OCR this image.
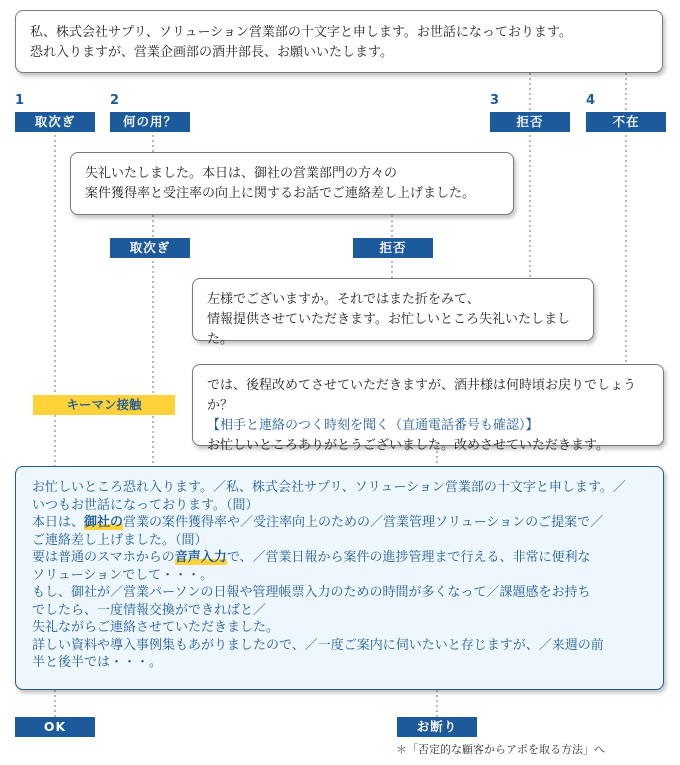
私、株式会社サプリ、ソリューション営業部の十文字と申します。お世話になっております。

恐れ入りますが、営業企画部の酒井部長、お願いいたします。

1	2	3	4
取次ぎ	何の用？	拒否	不在

失礼いたしました。本日は、御社の営業部門の方々の

案件獲得率と受注率の向上に関するお話でご連絡差し上げました。

取次ぎ	拒否

左様でございますか。それではまた折をみて、

情報提供させていただきます。お忙しいところ失礼いたしました。

では、後程改めてさせていただきますが、酒井様は何時頃お戻りでしょうか？

【相手と連絡のつく時刻を聞く（直通電話番号も確認）】

お忙しいところありがとうございました。改めさせていただきます。

キーマン接触

お忙しいところ恐れ入ります。／私、株式会社サプリ、ソリューション営業部の十文字と申します。／

いつもお世話になっております。（間）

本日は、御社の営業の案件獲得率や／受注率向上のための／営業管理ソリューションのご提案で／

ご連絡差し上げました。（間）

要は普通のスマホからの音声入力で、／営業日報から案件の進捗管理まで行える、非常に便利な

ソリューションでして・・・。

もし、御社が／営業パーソンの日報や管理帳票入力のための時間が多くなって／課題感をお持ち

でしたら、一度情報交換ができればと／

失礼ながらご連絡させていただきました。

詳しい資料や導入事例集もあがりましたので、／一度ご案内に伺いたいと存じますが、／来週の前

半と後半では・・・。

OK	お断り
＊「否定的な顧客からアポを取る方法」へ
